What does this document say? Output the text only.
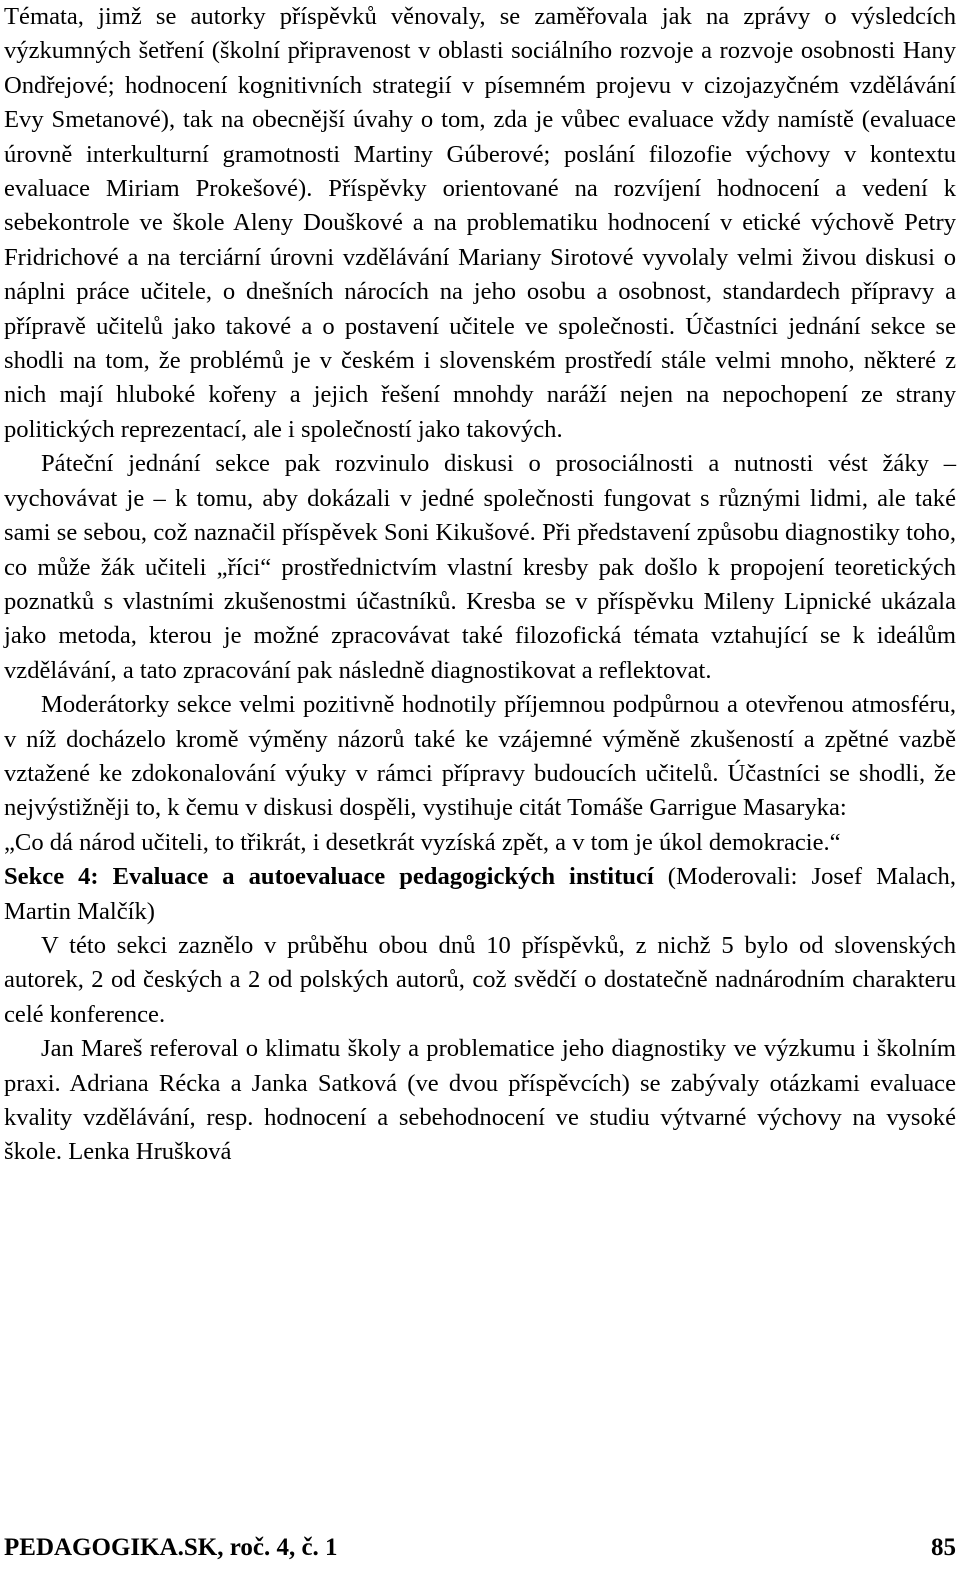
Témata, jimž se autorky příspěvků věnovaly, se zaměřovala jak na zprávy o výsledcích výzkumných šetření (školní připravenost v oblasti sociálního rozvoje a rozvoje osobnosti Hany Ondřejové; hodnocení kognitivních strategií v písemném projevu v cizojazyčném vzdělávání Evy Smetanové), tak na obecnější úvahy o tom, zda je vůbec evaluace vždy namístě (evaluace úrovně interkulturní gramotnosti Martiny Gúberové; poslání filozofie výchovy v kontextu evaluace Miriam Prokešové). Příspěvky orientované na rozvíjení hodnocení a vedení k sebekontrole ve škole Aleny Douškové a na problematiku hodnocení v etické výchově Petry Fridrichové a na terciární úrovni vzdělávání Mariany Sirotové vyvolaly velmi živou diskusi o náplni práce učitele, o dnešních nárocích na jeho osobu a osobnost, standardech přípravy a přípravě učitelů jako takové a o postavení učitele ve společnosti. Účastníci jednání sekce se shodli na tom, že problémů je v českém i slovenském prostředí stále velmi mnoho, některé z nich mají hluboké kořeny a jejich řešení mnohdy naráží nejen na nepochopení ze strany politických reprezentací, ale i společností jako takových.

Páteční jednání sekce pak rozvinulo diskusi o prosociálnosti a nutnosti vést žáky – vychovávat je – k tomu, aby dokázali v jedné společnosti fungovat s různými lidmi, ale také sami se sebou, což naznačil příspěvek Soni Kikušové. Při představení způsobu diagnostiky toho, co může žák učiteli „říci“ prostřednictvím vlastní kresby pak došlo k propojení teoretických poznatků s vlastními zkušenostmi účastníků. Kresba se v příspěvku Mileny Lipnické ukázala jako metoda, kterou je možné zpracovávat také filozofická témata vztahující se k ideálům vzdělávání, a tato zpracování pak následně diagnostikovat a reflektovat.

Moderátorky sekce velmi pozitivně hodnotily příjemnou podpůrnou a otevřenou atmosféru, v níž docházelo kromě výměny názorů také ke vzájemné výměně zkušeností a zpětné vazbě vztažené ke zdokonalování výuky v rámci přípravy budoucích učitelů. Účastníci se shodli, že nejvýstižněji to, k čemu v diskusi dospěli, vystihuje citát Tomáše Garrigue Masaryka:

„Co dá národ učiteli, to třikrát, i desetkrát vyzíská zpět, a v tom je úkol demokracie.“

Sekce 4: Evaluace a autoevaluace pedagogických institucí (Moderovali: Josef Malach, Martin Malčík)

V této sekci zaznělo v průběhu obou dnů 10 příspěvků, z nichž 5 bylo od slovenských autorek, 2 od českých a 2 od polských autorů, což svědčí o dostatečně nadnárodním charakteru celé konference.

Jan Mareš referoval o klimatu školy a problematice jeho diagnostiky ve výzkumu i školním praxi. Adriana Récka a Janka Satková (ve dvou příspěvcích) se zabývaly otázkami evaluace kvality vzdělávání, resp. hodnocení a sebehodnocení ve studiu výtvarné výchovy na vysoké škole. Lenka Hrušková

PEDAGOGIKA.SK, roč. 4, č. 1	85
